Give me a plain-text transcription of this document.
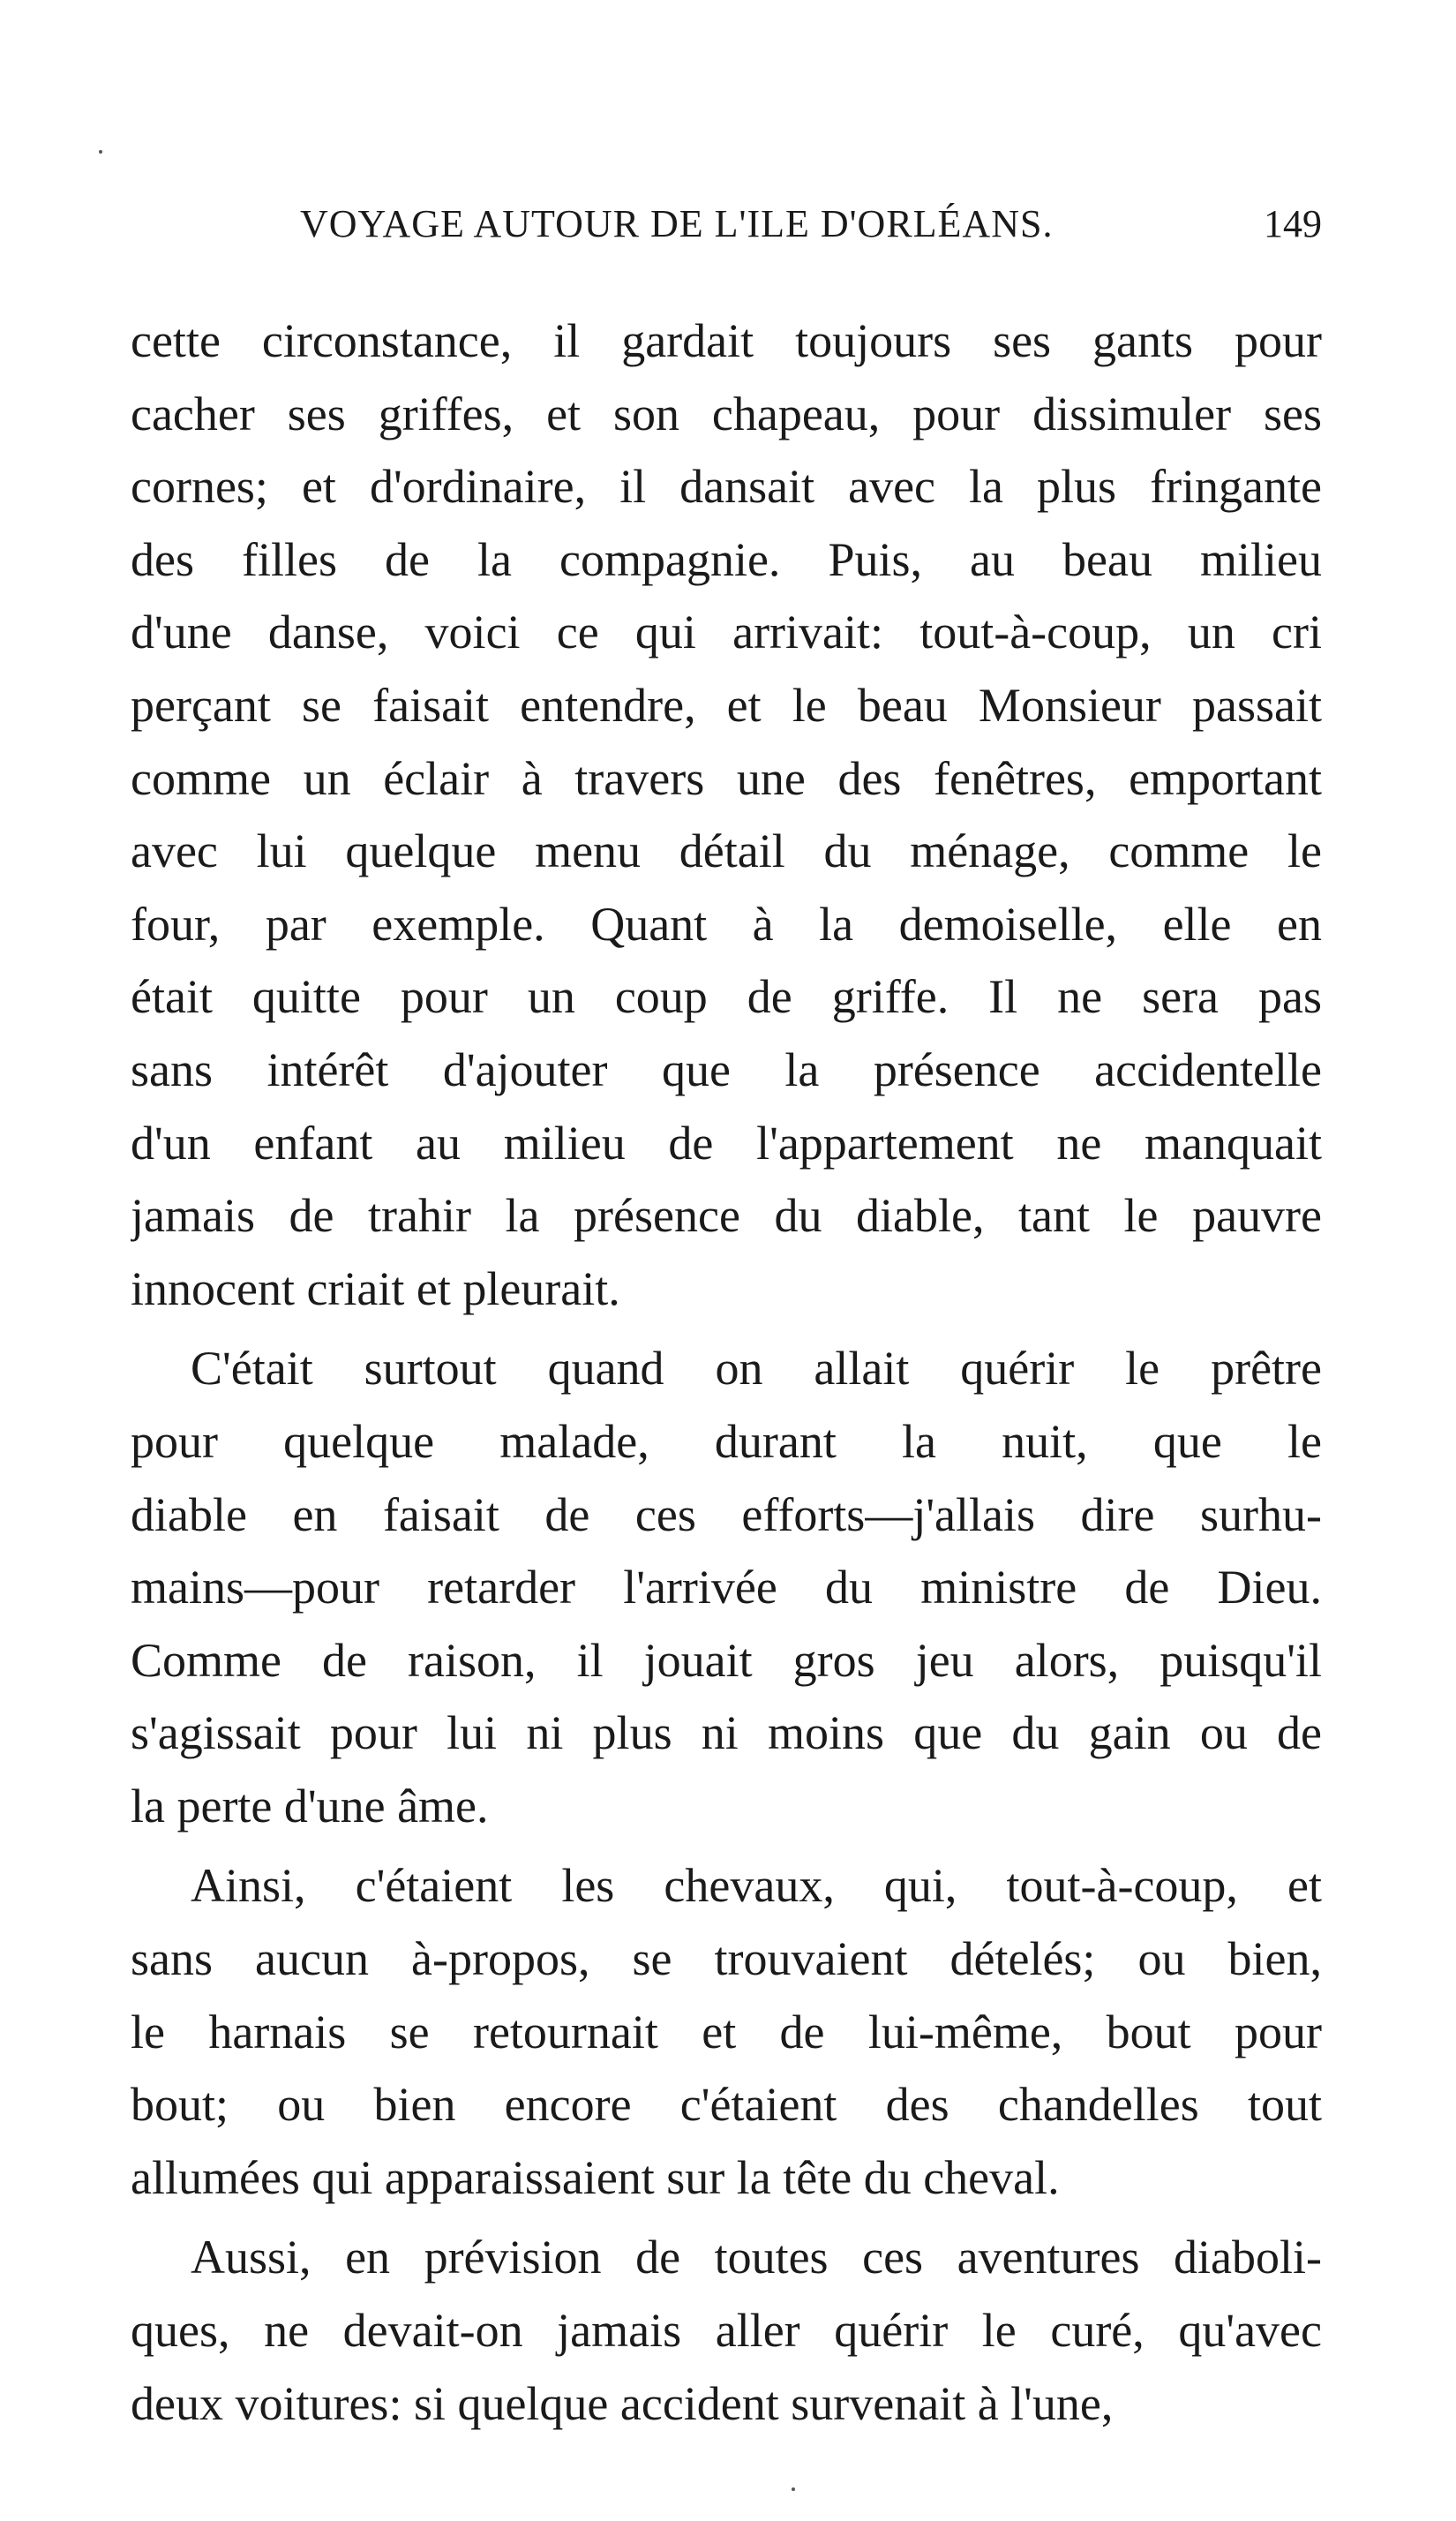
VOYAGE AUTOUR DE L'ILE D'ORLÉANS.	149
cette circonstance, il gardait toujours ses gants pour
cacher ses griffes, et son chapeau, pour dissimuler ses
cornes; et d'ordinaire, il dansait avec la plus fringante
des filles de la compagnie. Puis, au beau milieu
d'une danse, voici ce qui arrivait: tout-à-coup, un cri
perçant se faisait entendre, et le beau Monsieur passait
comme un éclair à travers une des fenêtres, emportant
avec lui quelque menu détail du ménage, comme le
four, par exemple. Quant à la demoiselle, elle en
était quitte pour un coup de griffe. Il ne sera pas
sans intérêt d'ajouter que la présence accidentelle
d'un enfant au milieu de l'appartement ne manquait
jamais de trahir la présence du diable, tant le pauvre
innocent criait et pleurait.
C'était surtout quand on allait quérir le prêtre
pour quelque malade, durant la nuit, que le
diable en faisait de ces efforts—j'allais dire surhu-
mains—pour retarder l'arrivée du ministre de Dieu.
Comme de raison, il jouait gros jeu alors, puisqu'il
s'agissait pour lui ni plus ni moins que du gain ou de
la perte d'une âme.
Ainsi, c'étaient les chevaux, qui, tout-à-coup, et
sans aucun à-propos, se trouvaient dételés; ou bien,
le harnais se retournait et de lui-même, bout pour
bout; ou bien encore c'étaient des chandelles tout
allumées qui apparaissaient sur la tête du cheval.
Aussi, en prévision de toutes ces aventures diaboli-
ques, ne devait-on jamais aller quérir le curé, qu'avec
deux voitures: si quelque accident survenait à l'une,
